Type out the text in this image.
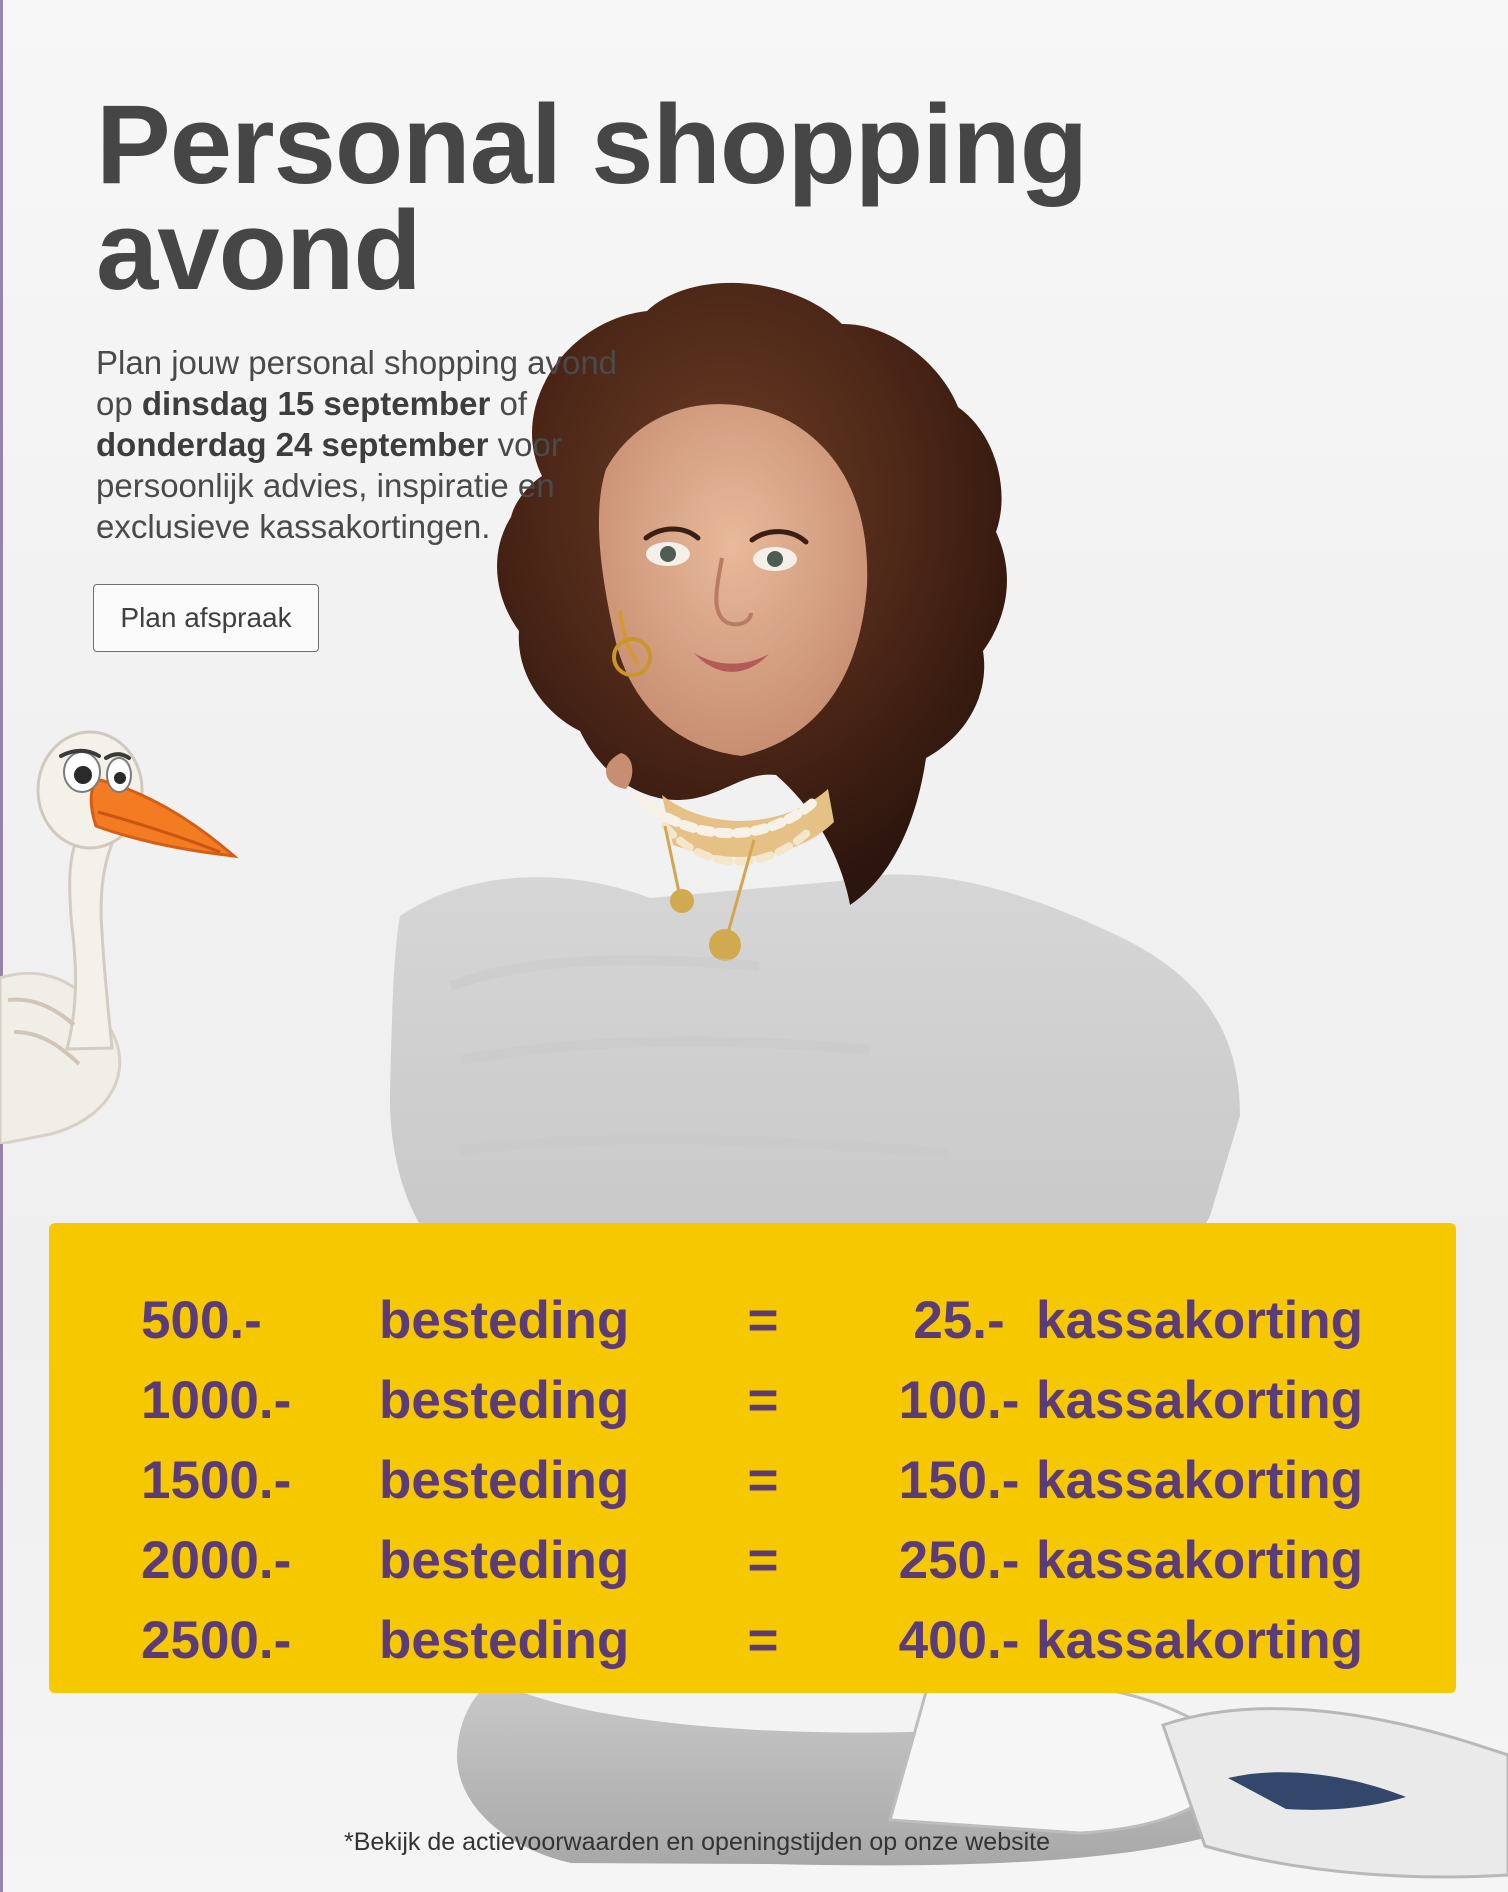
Personal shopping
avond
Plan jouw personal shopping avond
op dinsdag 15 september of
donderdag 24 september voor
persoonlijk advies, inspiratie en
exclusieve kassakortingen.
Plan afspraak
500.- besteding =	25.- kassakorting
1000.- besteding = 100.- kassakorting
1500.- besteding = 150.- kassakorting
2000.- besteding = 250.- kassakorting
2500.- besteding = 400.- kassakorting
*Bekijk de actievoorwaarden en openingstijden op onze website
